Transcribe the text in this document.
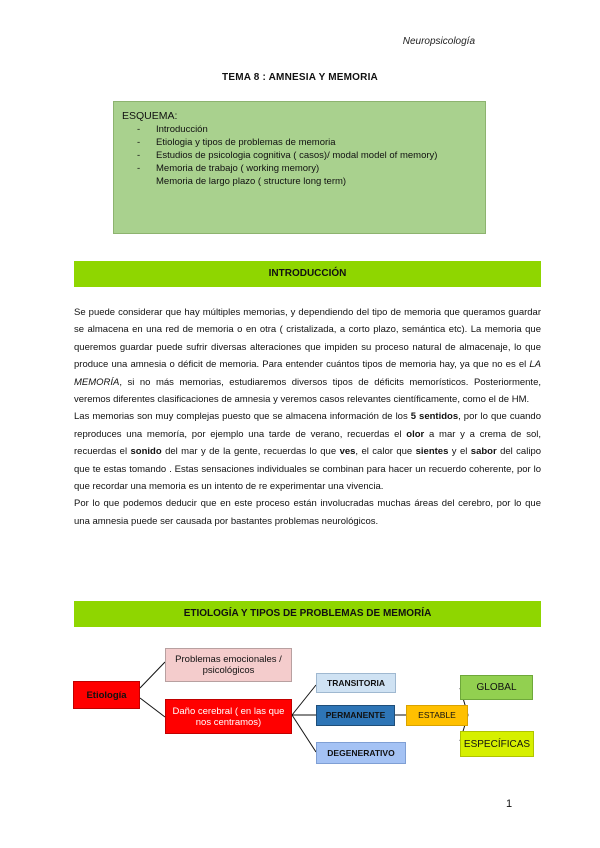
Neuropsicología
TEMA 8 : AMNESIA Y MEMORIA
ESQUEMA:
- Introducción
- Etiologia y tipos de problemas de memoria
- Estudios de psicologia cognitiva ( casos)/ modal model of memory)
- Memoria de trabajo ( working memory)
Memoria de largo plazo ( structure long term)
INTRODUCCIÓN

Se puede considerar que hay múltiples memorias, y dependiendo del tipo de memoria que queramos guardar se almacena en una red de memoria o en otra ( cristalizada, a corto plazo, semántica etc). La memoria que queremos guardar puede sufrir diversas alteraciones que impiden su proceso natural de almacenaje, lo que produce una amnesia o déficit de memoria. Para entender cuántos tipos de memoria hay, ya que no es el LA MEMORÍA, si no más memorias, estudiaremos diversos tipos de déficits memorísticos. Posteriormente, veremos diferentes clasificaciones de amnesia y veremos casos relevantes científicamente, como el de HM.

Las memorias son muy complejas puesto que se almacena información de los 5 sentidos, por lo que cuando reproduces una memoría, por ejemplo una tarde de verano, recuerdas el olor a mar y a crema de sol, recuerdas el sonido del mar y de la gente, recuerdas lo que ves, el calor que sientes y el sabor del calipo que te estas tomando . Estas sensaciones individuales se combinan para hacer un recuerdo coherente, por lo que recordar una memoria es un intento de re experimentar una vivencia.

Por lo que podemos deducir que en este proceso están involucradas muchas áreas del cerebro, por lo que una amnesia puede ser causada por bastantes problemas neurológicos.

ETIOLOGÍA Y TIPOS DE PROBLEMAS DE MEMORÍA
Etiología
Problemas emocionales / psicológicos
Daño cerebral ( en las que nos centramos)
TRANSITORIA
PERMANENTE
DEGENERATIVO
ESTABLE
GLOBAL
ESPECÍFICAS
1
